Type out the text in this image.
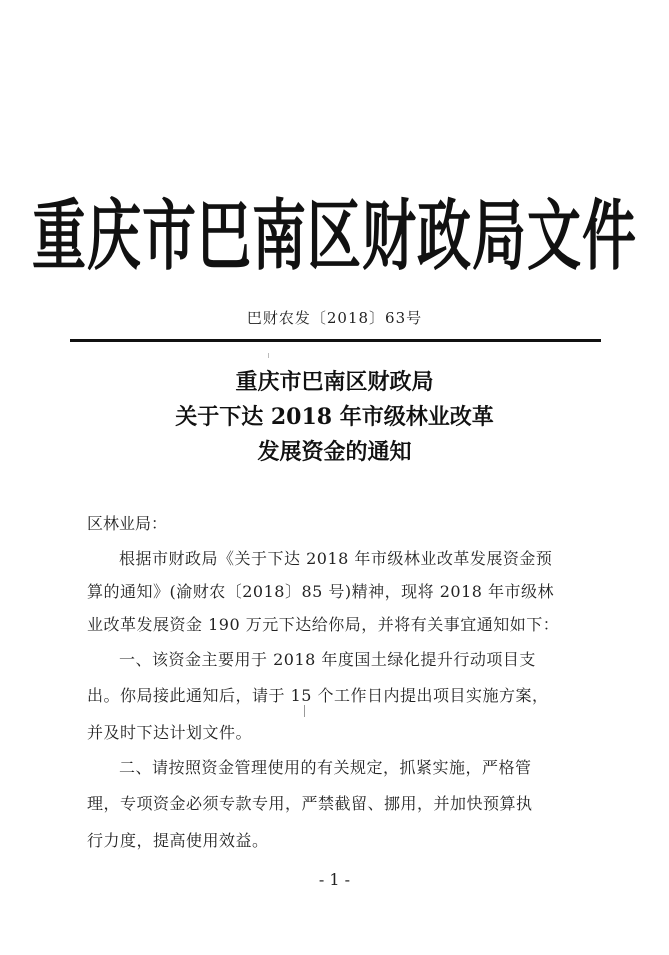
重庆市巴南区财政局文件
巴财农发〔2018〕63号
重庆市巴南区财政局
关于下达 2018 年市级林业改革
发展资金的通知
区林业局：
根据市财政局《关于下达 2018 年市级林业改革发展资金预
算的通知》(渝财农〔2018〕85 号)精神，现将 2018 年市级林
业改革发展资金 190 万元下达给你局，并将有关事宜通知如下：
一、该资金主要用于 2018 年度国土绿化提升行动项目支
出。你局接此通知后，请于 15 个工作日内提出项目实施方案，
并及时下达计划文件。
二、请按照资金管理使用的有关规定，抓紧实施，严格管
理，专项资金必须专款专用，严禁截留、挪用，并加快预算执
行力度，提高使用效益。
- 1 -
